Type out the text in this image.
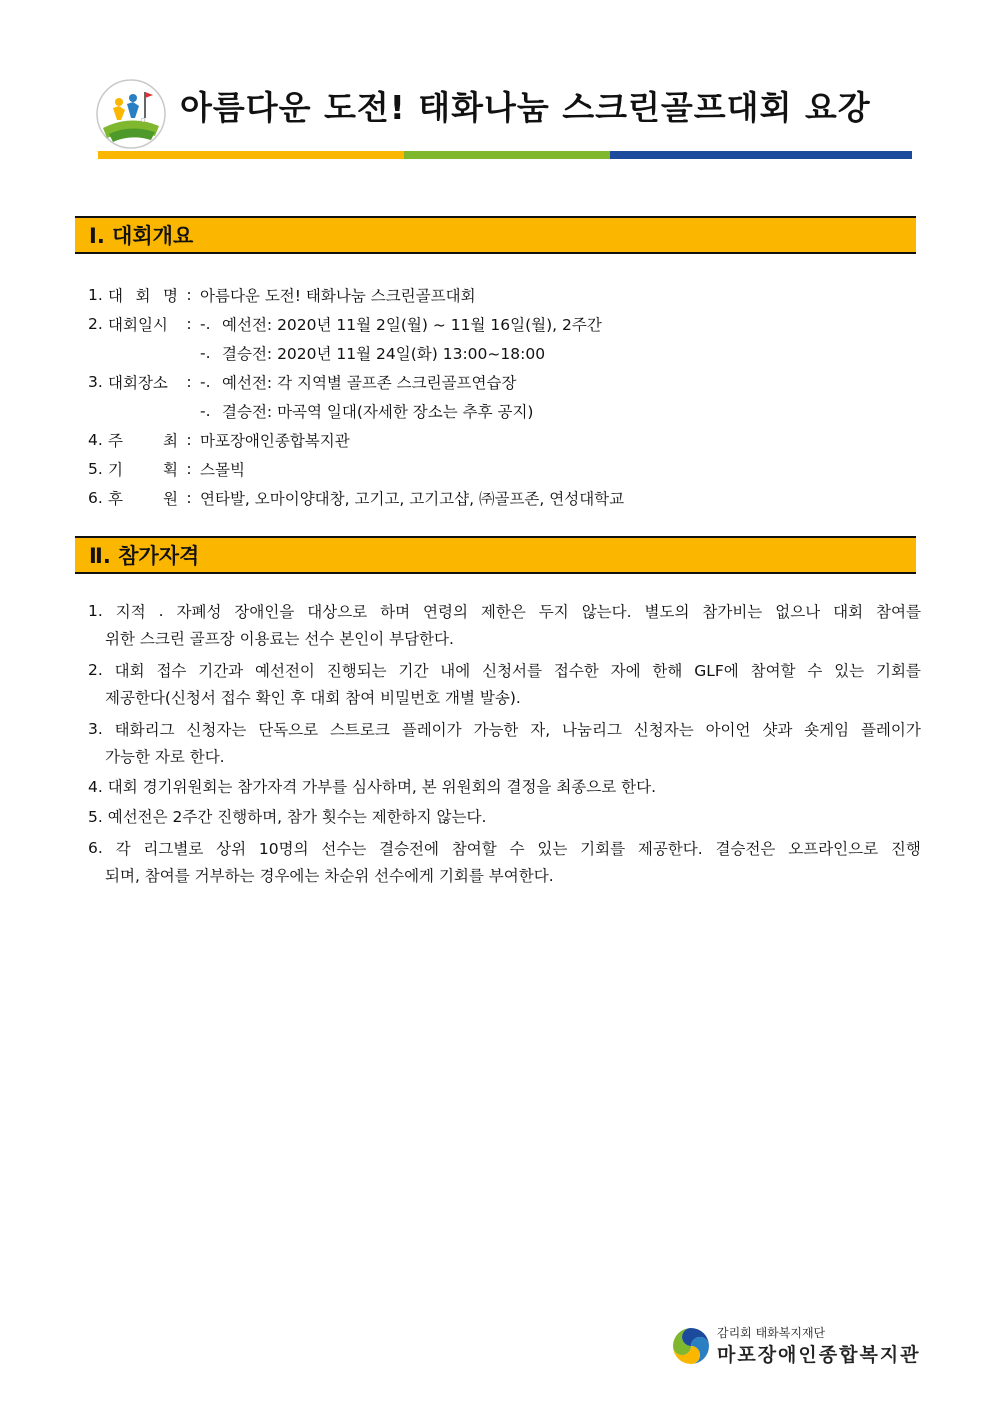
아름다운 도전! 태화나눔 스크린골프대회 요강
Ⅰ. 대회개요
1. 대 회 명 : 아름다운 도전! 태화나눔 스크린골프대회
2. 대회일시	: -. 예선전: 2020년 11월 2일(월) ~ 11월 16일(월), 2주간
-. 결승전: 2020년 11월 24일(화) 13:00~18:00
3. 대회장소	: -. 예선전: 각 지역별 골프존 스크린골프연습장
-. 결승전: 마곡역 일대(자세한 장소는 추후 공지)
4. 주	최 : 마포장애인종합복지관
5. 기	획 : 스몰빅
6. 후	원 : 연타발, 오마이양대창, 고기고, 고기고샵, ㈜골프존, 연성대학교
Ⅱ. 참가자격
1. 지적 . 자폐성 장애인을 대상으로 하며 연령의 제한은 두지 않는다. 별도의 참가비는 없으나 대회 참여를
위한 스크린 골프장 이용료는 선수 본인이 부담한다.
2. 대회 접수 기간과 예선전이 진행되는 기간 내에 신청서를 접수한 자에 한해 GLF에 참여할 수 있는 기회를
제공한다(신청서 접수 확인 후 대회 참여 비밀번호 개별 발송).
3. 태화리그 신청자는 단독으로 스트로크 플레이가 가능한 자, 나눔리그 신청자는 아이언 샷과 숏게임 플레이가
가능한 자로 한다.
4. 대회 경기위원회는 참가자격 가부를 심사하며, 본 위원회의 결정을 최종으로 한다.
5. 예선전은 2주간 진행하며, 참가 횟수는 제한하지 않는다.
6. 각 리그별로 상위 10명의 선수는 결승전에 참여할 수 있는 기회를 제공한다. 결승전은 오프라인으로 진행
되며, 참여를 거부하는 경우에는 차순위 선수에게 기회를 부여한다.
감리회 태화복지재단
마포장애인종합복지관
